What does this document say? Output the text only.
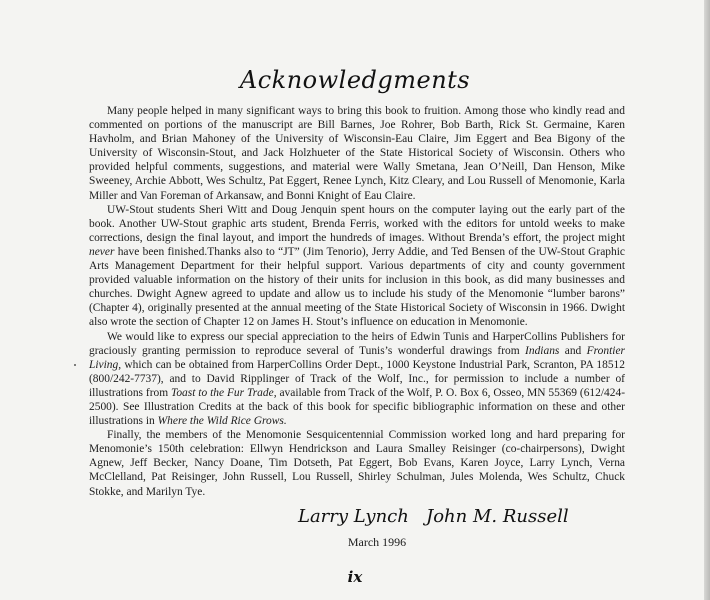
Acknowledgments

Many people helped in many significant ways to bring this book to fruition. Among those who kindly read and commented on portions of the manuscript are Bill Barnes, Joe Rohrer, Bob Barth, Rick St. Germaine, Karen Havholm, and Brian Mahoney of the University of Wisconsin-Eau Claire, Jim Eggert and Bea Bigony of the University of Wisconsin-Stout, and Jack Holzhueter of the State Historical Society of Wisconsin. Others who provided helpful comments, suggestions, and material were Wally Smetana, Jean O’Neill, Dan Henson, Mike Sweeney, Archie Abbott, Wes Schultz, Pat Eggert, Renee Lynch, Kitz Cleary, and Lou Russell of Menomonie, Karla Miller and Van Foreman of Arkansaw, and Bonni Knight of Eau Claire.

UW-Stout students Sheri Witt and Doug Jenquin spent hours on the computer laying out the early part of the book. Another UW-Stout graphic arts student, Brenda Ferris, worked with the editors for untold weeks to make corrections, design the final layout, and import the hundreds of images. Without Brenda’s effort, the project might never have been finished.Thanks also to “JT” (Jim Tenorio), Jerry Addie, and Ted Bensen of the UW-Stout Graphic Arts Management Department for their helpful support. Various departments of city and county government provided valuable information on the history of their units for inclusion in this book, as did many businesses and churches. Dwight Agnew agreed to update and allow us to include his study of the Menomonie “lumber barons” (Chapter 4), originally presented at the annual meeting of the State Historical Society of Wisconsin in 1966. Dwight also wrote the section of Chapter 12 on James H. Stout’s influence on education in Menomonie.

We would like to express our special appreciation to the heirs of Edwin Tunis and HarperCollins Publishers for graciously granting permission to reproduce several of Tunis’s wonderful drawings from Indians and Frontier Living, which can be obtained from HarperCollins Order Dept., 1000 Keystone Industrial Park, Scranton, PA 18512 (800/242-7737), and to David Ripplinger of Track of the Wolf, Inc., for permission to include a number of illustrations from Toast to the Fur Trade, available from Track of the Wolf, P. O. Box 6, Osseo, MN 55369 (612/424-2500). See Illustration Credits at the back of this book for specific bibliographic information on these and other illustrations in Where the Wild Rice Grows.

Finally, the members of the Menomonie Sesquicentennial Commission worked long and hard preparing for Menomonie’s 150th celebration: Ellwyn Hendrickson and Laura Smalley Reisinger (co-chairpersons), Dwight Agnew, Jeff Becker, Nancy Doane, Tim Dotseth, Pat Eggert, Bob Evans, Karen Joyce, Larry Lynch, Verna McClelland, Pat Reisinger, John Russell, Lou Russell, Shirley Schulman, Jules Molenda, Wes Schultz, Chuck Stokke, and Marilyn Tye.

Larry Lynch John M. Russell
March 1996
ix
